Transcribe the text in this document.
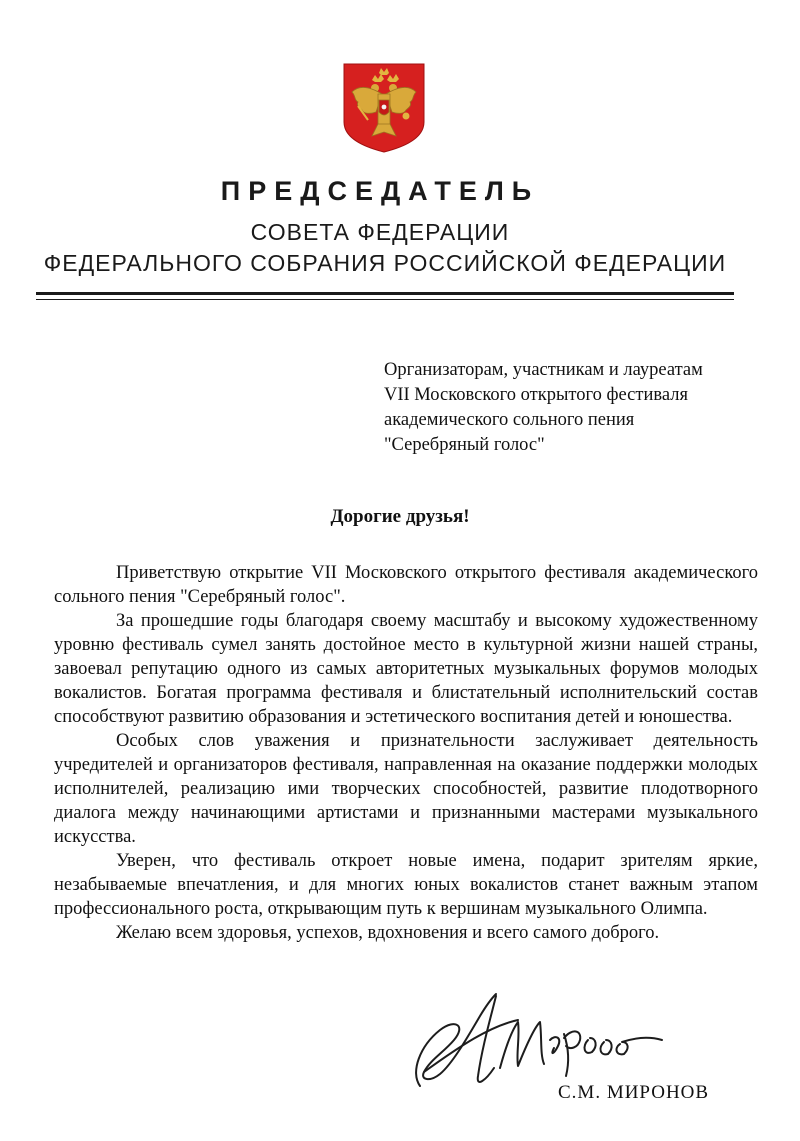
ПРЕДСЕДАТЕЛЬ
СОВЕТА ФЕДЕРАЦИИ
ФЕДЕРАЛЬНОГО СОБРАНИЯ РОССИЙСКОЙ ФЕДЕРАЦИИ
Организаторам, участникам и лауреатам
VII Московского открытого фестиваля
академического сольного пения
"Серебряный голос"
Дорогие друзья!

Приветствую открытие VII Московского открытого фестиваля академического сольного пения "Серебряный голос".

За прошедшие годы благодаря своему масштабу и высокому художественному уровню фестиваль сумел занять достойное место в культурной жизни нашей страны, завоевал репутацию одного из самых авторитетных музыкальных форумов молодых вокалистов. Богатая программа фестиваля и блистательный исполнительский состав способствуют развитию образования и эстетического воспитания детей и юношества.

Особых слов уважения и признательности заслуживает деятельность учредителей и организаторов фестиваля, направленная на оказание поддержки молодых исполнителей, реализацию ими творческих способностей, развитие плодотворного диалога между начинающими артистами и признанными мастерами музыкального искусства.

Уверен, что фестиваль откроет новые имена, подарит зрителям яркие, незабываемые впечатления, и для многих юных вокалистов станет важным этапом профессионального роста, открывающим путь к вершинам музыкального Олимпа.

Желаю всем здоровья, успехов, вдохновения и всего самого доброго.

С.М. МИРОНОВ
